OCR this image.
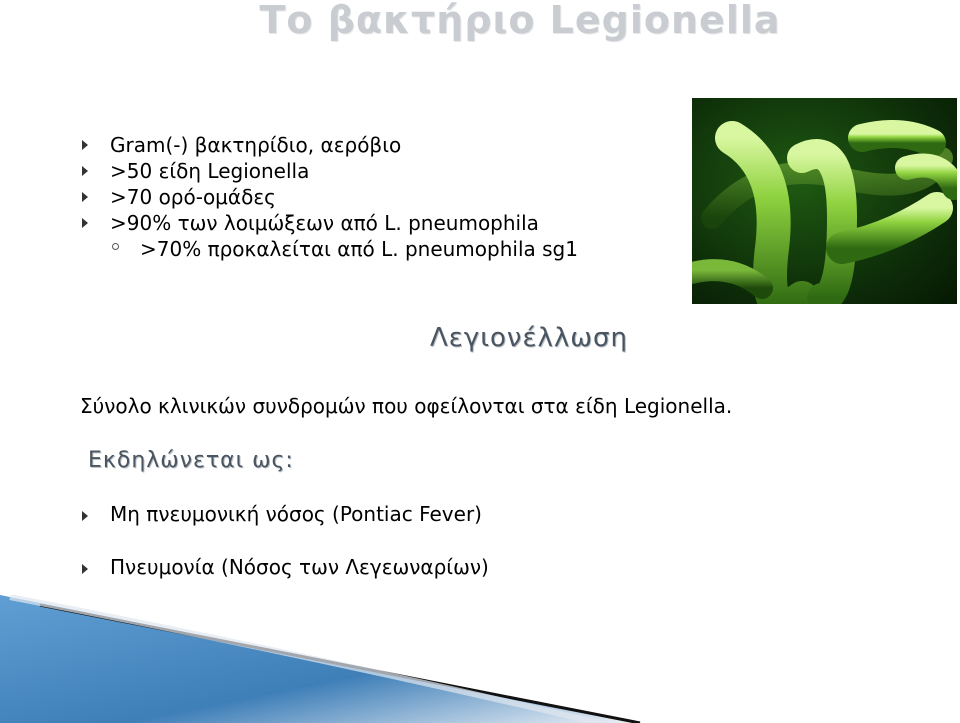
Το βακτήριο Legionella
Gram(-) βακτηρίδιο, αερόβιο
>50 είδη Legionella
>70 ορό-ομάδες
>90% των λοιμώξεων από L. pneumophila
>70% προκαλείται από L. pneumophila sg1
Λεγιονέλλωση
Σύνολο κλινικών συνδρομών που οφείλονται στα είδη Legionella.
Εκδηλώνεται ως:
Μη πνευμονική νόσος (Pontiac Fever)
Πνευμονία (Νόσος των Λεγεωναρίων)
